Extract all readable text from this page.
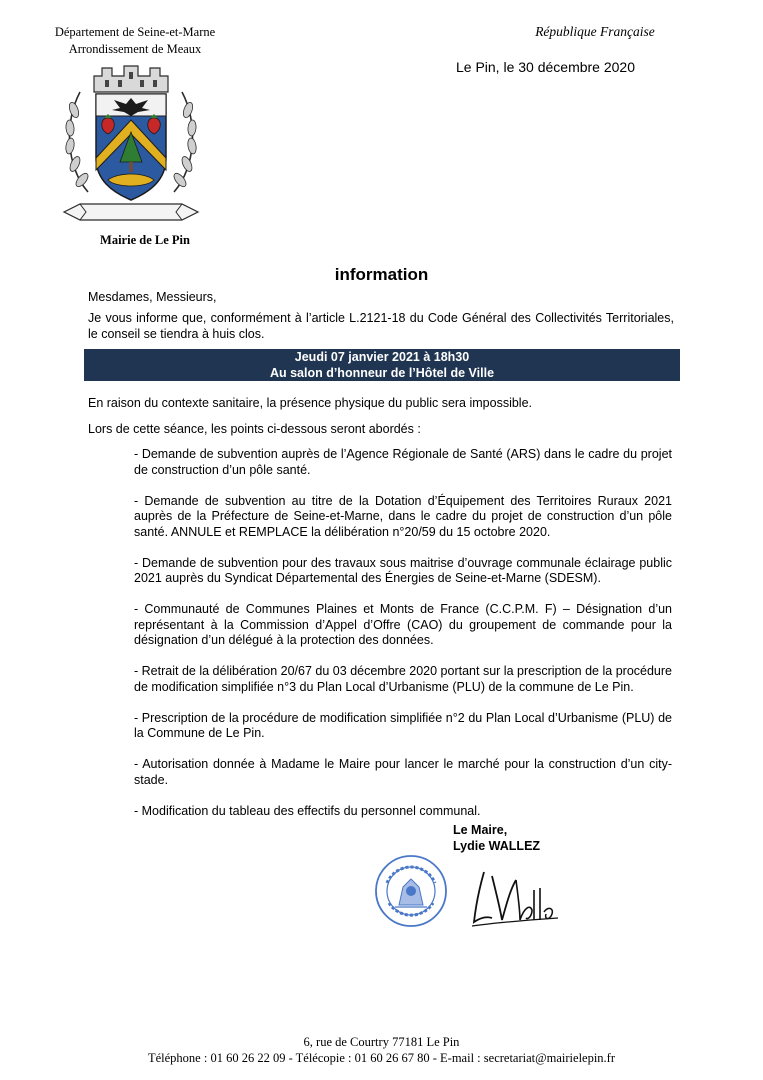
Département de Seine-et-Marne
Arrondissement de Meaux
République Française
Le Pin, le 30 décembre 2020
Mairie de Le Pin
information
Mesdames, Messieurs,
Je vous informe que, conformément à l’article L.2121-18 du Code Général des Collectivités Territoriales, le conseil se tiendra à huis clos.
Jeudi 07 janvier 2021 à 18h30
Au salon d’honneur de l’Hôtel de Ville
En raison du contexte sanitaire, la présence physique du public sera impossible.
Lors de cette séance, les points ci-dessous seront abordés :
- Demande de subvention auprès de l’Agence Régionale de Santé (ARS) dans le cadre du projet de construction d’un pôle santé.
- Demande de subvention au titre de la Dotation d’Équipement des Territoires Ruraux 2021 auprès de la Préfecture de Seine-et-Marne, dans le cadre du projet de construction d’un pôle santé. ANNULE et REMPLACE la délibération n°20/59 du 15 octobre 2020.
- Demande de subvention pour des travaux sous maitrise d’ouvrage communale éclairage public 2021 auprès du Syndicat Départemental des Énergies de Seine-et-Marne (SDESM).
- Communauté de Communes Plaines et Monts de France (C.C.P.M. F) – Désignation d’un représentant à la Commission d’Appel d’Offre (CAO) du groupement de commande pour la désignation d’un délégué à la protection des données.
- Retrait de la délibération 20/67 du 03 décembre 2020 portant sur la prescription de la procédure de modification simplifiée n°3 du Plan Local d’Urbanisme (PLU) de la commune de Le Pin.
- Prescription de la procédure de modification simplifiée n°2 du Plan Local d’Urbanisme (PLU) de la Commune de Le Pin.
- Autorisation donnée à Madame le Maire pour lancer le marché pour la construction d’un city-stade.
- Modification du tableau des effectifs du personnel communal.
Le Maire,
Lydie WALLEZ
6, rue de Courtry 77181 Le Pin
Téléphone : 01 60 26 22 09 - Télécopie : 01 60 26 67 80 - E-mail : secretariat@mairielepin.fr
